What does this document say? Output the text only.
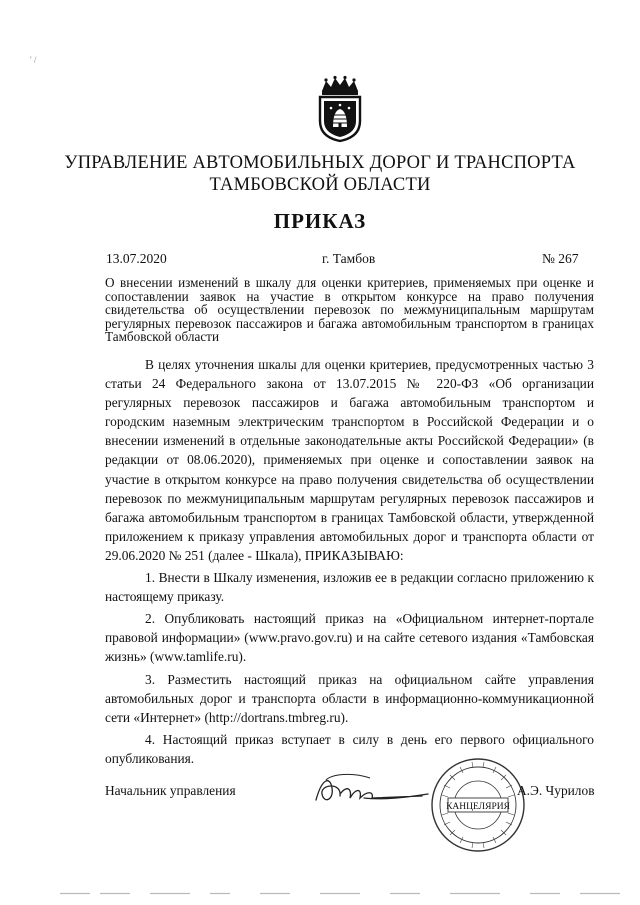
' /
УПРАВЛЕНИЕ АВТОМОБИЛЬНЫХ ДОРОГ И ТРАНСПОРТА
ТАМБОВСКОЙ ОБЛАСТИ
ПРИКАЗ
13.07.2020	г. Тамбов	№ 267
О внесении изменений в шкалу для оценки критериев, применяемых при оценке и сопоставлении заявок на участие в открытом конкурсе на право получения свидетельства об осуществлении перевозок по межмуниципальным маршрутам регулярных перевозок пассажиров и багажа автомобильным транспортом в границах Тамбовской области

В целях уточнения шкалы для оценки критериев, предусмотренных частью 3 статьи 24 Федерального закона от 13.07.2015 № 220-ФЗ «Об организации регулярных перевозок пассажиров и багажа автомобильным транспортом и городским наземным электрическим транспортом в Российской Федерации и о внесении изменений в отдельные законодательные акты Российской Федерации» (в редакции от 08.06.2020), применяемых при оценке и сопоставлении заявок на участие в открытом конкурсе на право получения свидетельства об осуществлении перевозок по межмуниципальным маршрутам регулярных перевозок пассажиров и багажа автомобильным транспортом в границах Тамбовской области, утвержденной приложением к приказу управления автомобильных дорог и транспорта области от 29.06.2020 № 251 (далее - Шкала), ПРИКАЗЫВАЮ:

1. Внести в Шкалу изменения, изложив ее в редакции согласно приложению к настоящему приказу.

2. Опубликовать настоящий приказ на «Официальном интернет-портале правовой информации» (www.pravo.gov.ru) и на сайте сетевого издания «Тамбовская жизнь» (www.tamlife.ru).

3. Разместить настоящий приказ на официальном сайте управления автомобильных дорог и транспорта области в информационно-коммуникационной сети «Интернет» (http://dortrans.tmbreg.ru).

4. Настоящий приказ вступает в силу в день его первого официального опубликования.

КАНЦЕЛЯРИЯ
Начальник управления	А.Э. Чурилов
